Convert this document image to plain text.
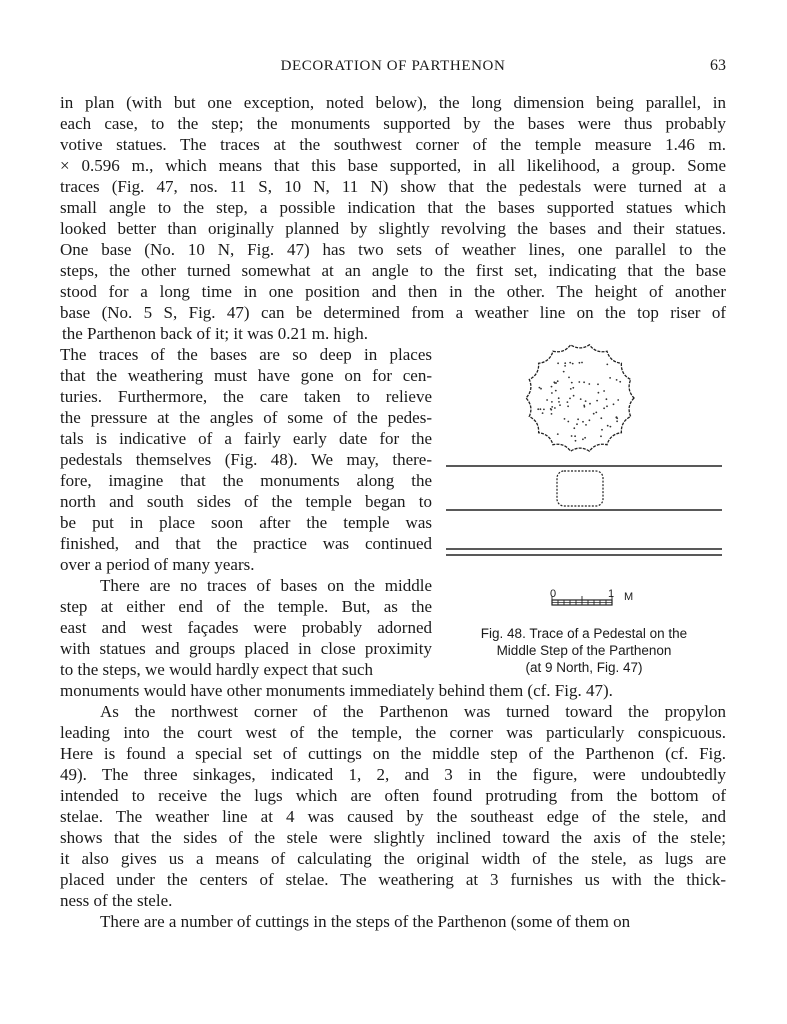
DECORATION OF PARTHENON	63
in plan (with but one exception, noted below), the long dimension being parallel, in
each case, to the step; the monuments supported by the bases were thus probably
votive statues. The traces at the southwest corner of the temple measure 1.46 m.
× 0.596 m., which means that this base supported, in all likelihood, a group. Some
traces (Fig. 47, nos. 11 S, 10 N, 11 N) show that the pedestals were turned at a
small angle to the step, a possible indication that the bases supported statues which
looked better than originally planned by slightly revolving the bases and their statues.
One base (No. 10 N, Fig. 47) has two sets of weather lines, one parallel to the
steps, the other turned somewhat at an angle to the first set, indicating that the base
stood for a long time in one position and then in the other. The height of another
base (No. 5 S, Fig. 47) can be determined from a weather line on the top riser of
the Parthenon back of it; it was 0.21 m. high.
The traces of the bases are so deep in places
that the weathering must have gone on for cen-
turies. Furthermore, the care taken to relieve
the pressure at the angles of some of the pedes-
tals is indicative of a fairly early date for the
pedestals themselves (Fig. 48). We may, there-
fore, imagine that the monuments along the
north and south sides of the temple began to
be put in place soon after the temple was
finished, and that the practice was continued
over a period of many years.
There are no traces of bases on the middle
step at either end of the temple. But, as the
east and west façades were probably adorned
with statues and groups placed in close proximity
to the steps, we would hardly expect that such
monuments would have other monuments immediately behind them (cf. Fig. 47).
As the northwest corner of the Parthenon was turned toward the propylon
leading into the court west of the temple, the corner was particularly conspicuous.
Here is found a special set of cuttings on the middle step of the Parthenon (cf. Fig.
49). The three sinkages, indicated 1, 2, and 3 in the figure, were undoubtedly
intended to receive the lugs which are often found protruding from the bottom of
stelae. The weather line at 4 was caused by the southeast edge of the stele, and
shows that the sides of the stele were slightly inclined toward the axis of the stele;
it also gives us a means of calculating the original width of the stele, as lugs are
placed under the centers of stelae. The weathering at 3 furnishes us with the thick-
ness of the stele.
There are a number of cuttings in the steps of the Parthenon (some of them on
0	1 M
Fig. 48. Trace of a Pedestal on the
Middle Step of the Parthenon
(at 9 North, Fig. 47)
